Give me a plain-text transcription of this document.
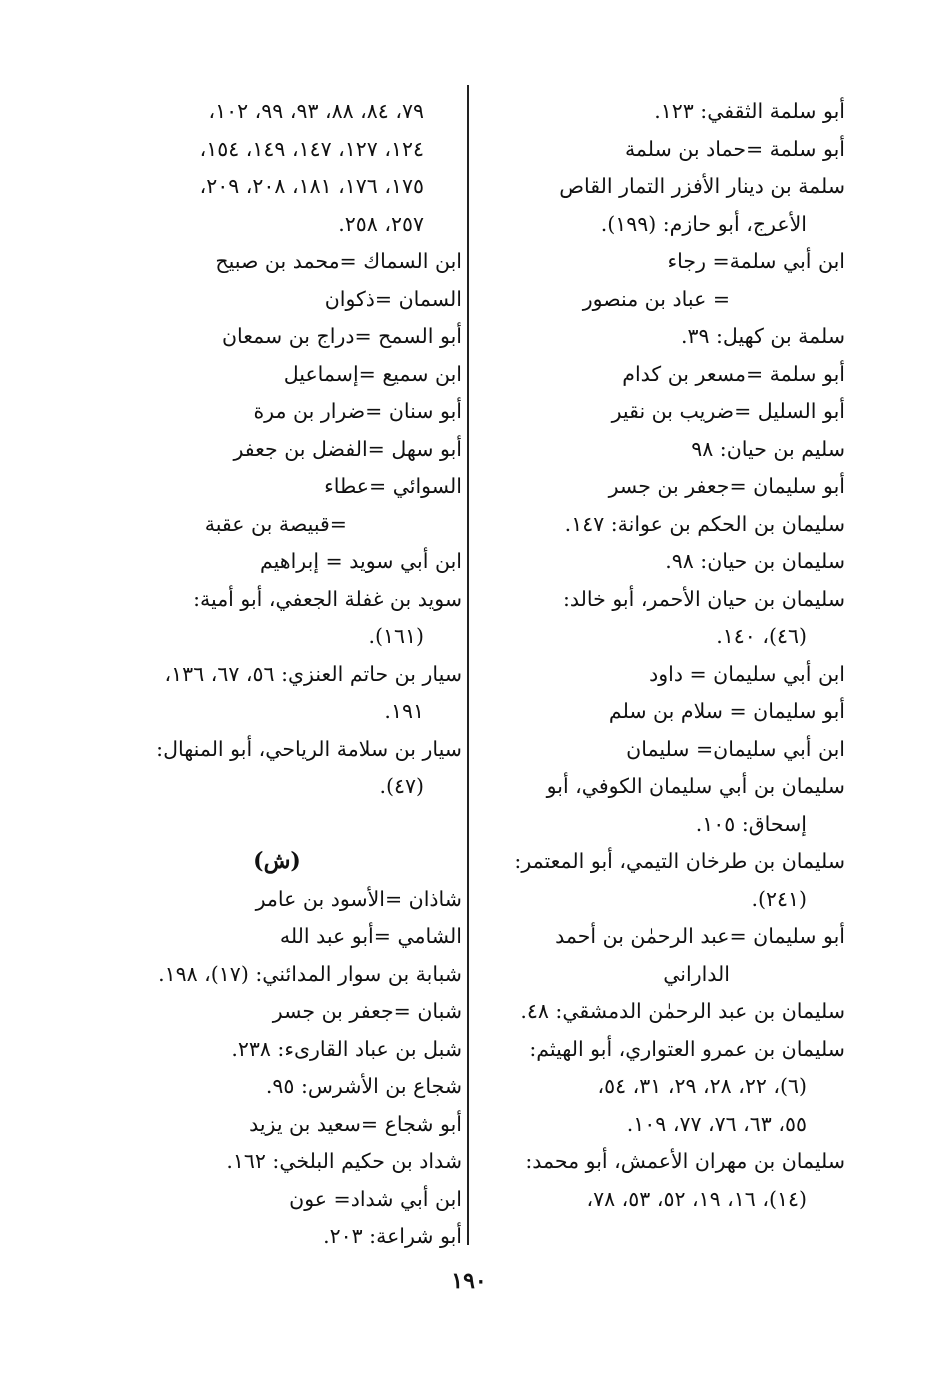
أبو سلمة الثقفي: ١٢٣.
أبو سلمة =حماد بن سلمة
سلمة بن دينار الأفزر التمار القاص
الأعرج، أبو حازم: (١٩٩).
ابن أبي سلمة= رجاء
= عباد بن منصور
سلمة بن كهيل: ٣٩.
أبو سلمة =مسعر بن كدام
أبو السليل =ضريب بن نقير
سليم بن حيان: ٩٨
أبو سليمان =جعفر بن جسر
سليمان بن الحكم بن عوانة: ١٤٧.
سليمان بن حيان: ٩٨.
سليمان بن حيان الأحمر، أبو خالد:
(٤٦)، ١٤٠.
ابن أبي سليمان = داود
أبو سليمان = سلام بن سلم
ابن أبي سليمان= سليمان
سليمان بن أبي سليمان الكوفي، أبو
إسحاق: ١٠٥.
سليمان بن طرخان التيمي، أبو المعتمر:
(٢٤١).
أبو سليمان =عبد الرحمٰن بن أحمد
الداراني
سليمان بن عبد الرحمٰن الدمشقي: ٤٨.
سليمان بن عمرو العتواري، أبو الهيثم:
(٦)، ٢٢، ٢٨، ٢٩، ٣١، ٥٤،
٥٥، ٦٣، ٧٦، ٧٧، ١٠٩.
سليمان بن مهران الأعمش، أبو محمد:
(١٤)، ١٦، ١٩، ٥٢، ٥٣، ٧٨،
٧٩، ٨٤، ٨٨، ٩٣، ٩٩، ١٠٢،
١٢٤، ١٢٧، ١٤٧، ١٤٩، ١٥٤،
١٧٥، ١٧٦، ١٨١، ٢٠٨، ٢٠٩،
٢٥٧، ٢٥٨.
ابن السماك =محمد بن صبيح
السمان =ذكوان
أبو السمح =دراج بن سمعان
ابن سميع =إسماعيل
أبو سنان =ضرار بن مرة
أبو سهل =الفضل بن جعفر
السوائي =عطاء
=قبيصة بن عقبة
ابن أبي سويد = إبراهيم
سويد بن غفلة الجعفي، أبو أمية:
(١٦١).
سيار بن حاتم العنزي: ٥٦، ٦٧، ١٣٦،
١٩١.
سيار بن سلامة الرياحي، أبو المنهال:
(٤٧).
(ش)
شاذان =الأسود بن عامر
الشامي =أبو عبد الله
شبابة بن سوار المدائني: (١٧)، ١٩٨.
شبان =جعفر بن جسر
شبل بن عباد القارىء: ٢٣٨.
شجاع بن الأشرس: ٩٥.
أبو شجاع =سعيد بن يزيد
شداد بن حكيم البلخي: ١٦٢.
ابن أبي شداد= عون
أبو شراعة: ٢٠٣.
١٩٠
